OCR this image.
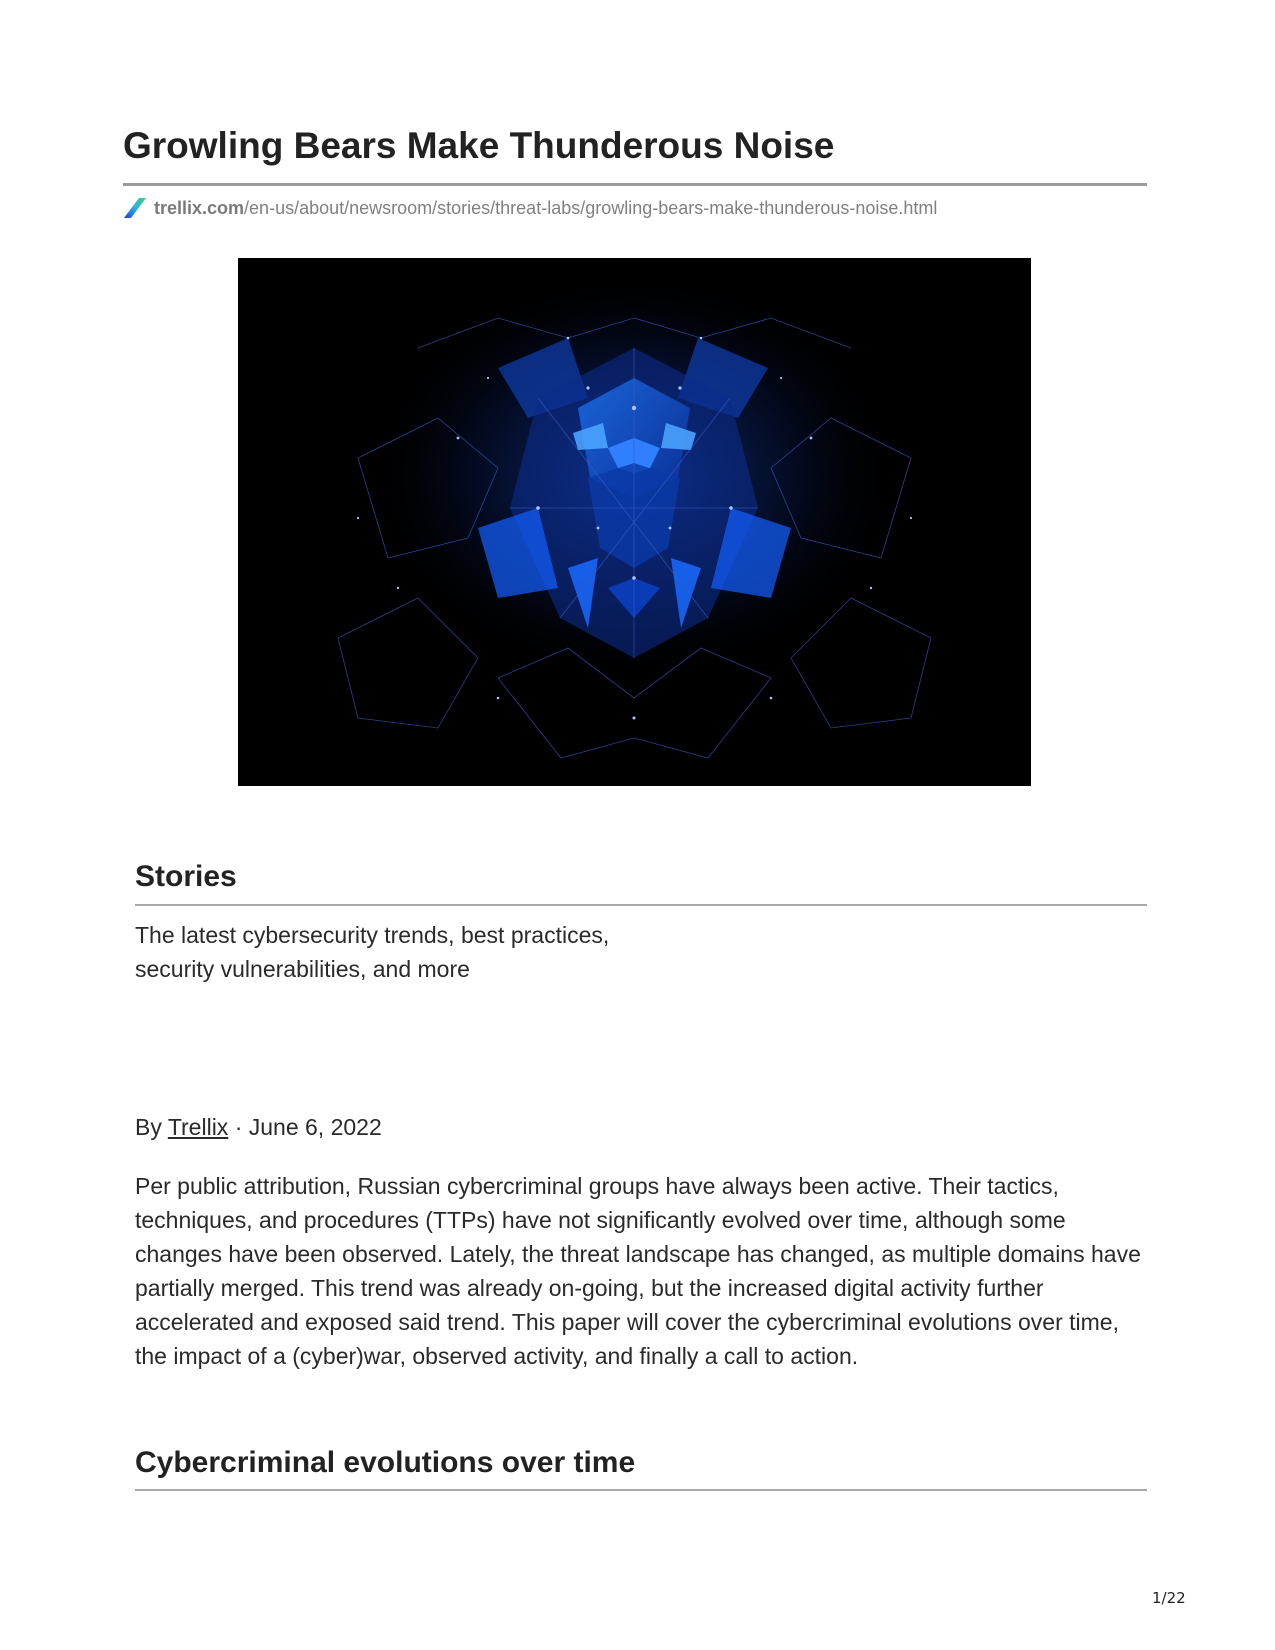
Growling Bears Make Thunderous Noise
trellix.com /en-us/about/newsroom/stories/threat-labs/growling-bears-make-thunderous-noise.html
Stories

The latest cybersecurity trends, best practices,

security vulnerabilities, and more

By Trellix · June 6, 2022

Per public attribution, Russian cybercriminal groups have always been active. Their tactics, techniques, and procedures (TTPs) have not significantly evolved over time, although some changes have been observed. Lately, the threat landscape has changed, as multiple domains have partially merged. This trend was already on-going, but the increased digital activity further accelerated and exposed said trend. This paper will cover the cybercriminal evolutions over time, the impact of a (cyber)war, observed activity, and finally a call to action.

Cybercriminal evolutions over time
1/22
